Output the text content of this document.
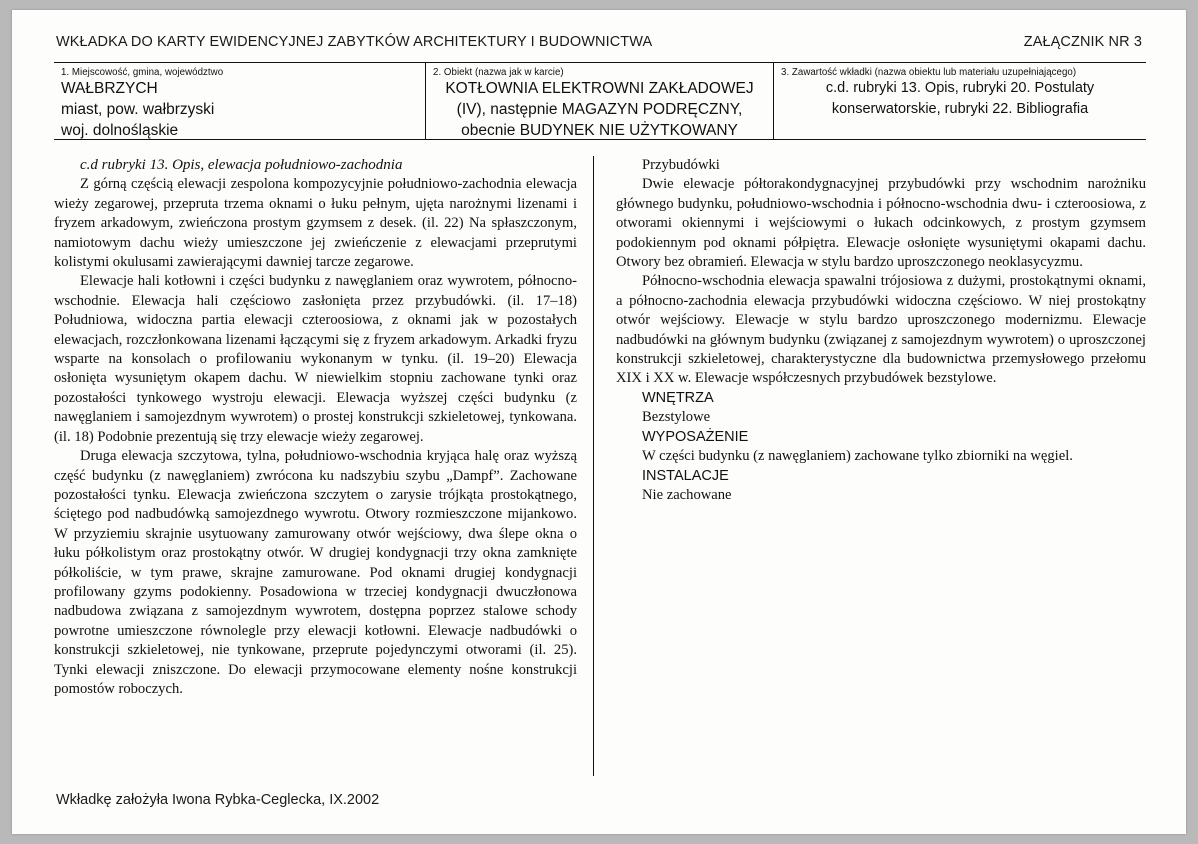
WKŁADKA DO KARTY EWIDENCYJNEJ ZABYTKÓW ARCHITEKTURY I BUDOWNICTWA	ZAŁĄCZNIK NR 3
1. Miejscowość, gmina, województwo
WAŁBRZYCH
miast, pow. wałbrzyski
woj. dolnośląskie
2. Obiekt (nazwa jak w karcie)
KOTŁOWNIA ELEKTROWNI ZAKŁADOWEJ
(IV), następnie MAGAZYN PODRĘCZNY,
obecnie BUDYNEK NIE UŻYTKOWANY
3. Zawartość wkładki (nazwa obiektu lub materiału uzupełniającego)
c.d. rubryki 13. Opis, rubryki 20. Postulaty
konserwatorskie, rubryki 22. Bibliografia

c.d rubryki 13. Opis, elewacja południowo-zachodnia

Z górną częścią elewacji zespolona kompozycyjnie południowo-zachodnia elewacja wieży zegarowej, przepruta trzema oknami o łuku pełnym, ujęta narożnymi lizenami i fryzem arkadowym, zwieńczona prostym gzymsem z desek. (il. 22) Na spłaszczonym, namiotowym dachu wieży umieszczone jej zwieńczenie z elewacjami przeprutymi kolistymi okulusami zawierającymi dawniej tarcze zegarowe.

Elewacje hali kotłowni i części budynku z nawęglaniem oraz wywrotem, północno-wschodnie. Elewacja hali częściowo zasłonięta przez przybudówki. (il. 17–18) Południowa, widoczna partia elewacji czteroosiowa, z oknami jak w pozostałych elewacjach, rozczłonkowana lizenami łączącymi się z fryzem arkadowym. Arkadki fryzu wsparte na konsolach o profilowaniu wykonanym w tynku. (il. 19–20) Elewacja osłonięta wysuniętym okapem dachu. W niewielkim stopniu zachowane tynki oraz pozostałości tynkowego wystroju elewacji. Elewacja wyższej części budynku (z nawęglaniem i samojezdnym wywrotem) o prostej konstrukcji szkieletowej, tynkowana. (il. 18) Podobnie prezentują się trzy elewacje wieży zegarowej.

Druga elewacja szczytowa, tylna, południowo-wschodnia kryjąca halę oraz wyższą część budynku (z nawęglaniem) zwrócona ku nadszybiu szybu „Dampf”. Zachowane pozostałości tynku. Elewacja zwieńczona szczytem o zarysie trójkąta prostokątnego, ściętego pod nadbudówką samojezdnego wywrotu. Otwory rozmieszczone mijankowo. W przyziemiu skrajnie usytuowany zamurowany otwór wejściowy, dwa ślepe okna o łuku półkolistym oraz prostokątny otwór. W drugiej kondygnacji trzy okna zamknięte półkoliście, w tym prawe, skrajne zamurowane. Pod oknami drugiej kondygnacji profilowany gzyms podokienny. Posadowiona w trzeciej kondygnacji dwuczłonowa nadbudowa związana z samojezdnym wywrotem, dostępna poprzez stalowe schody powrotne umieszczone równolegle przy elewacji kotłowni. Elewacje nadbudówki o konstrukcji szkieletowej, nie tynkowane, przeprute pojedynczymi otworami (il. 25). Tynki elewacji zniszczone. Do elewacji przymocowane elementy nośne konstrukcji pomostów roboczych.

Przybudówki

Dwie elewacje półtorakondygnacyjnej przybudówki przy wschodnim narożniku głównego budynku, południowo-wschodnia i północno-wschodnia dwu- i czteroosiowa, z otworami okiennymi i wejściowymi o łukach odcinkowych, z prostym gzymsem podokiennym pod oknami półpiętra. Elewacje osłonięte wysuniętymi okapami dachu. Otwory bez obramień. Elewacja w stylu bardzo uproszczonego neoklasycyzmu.

Północno-wschodnia elewacja spawalni trójosiowa z dużymi, prostokątnymi oknami, a północno-zachodnia elewacja przybudówki widoczna częściowo. W niej prostokątny otwór wejściowy. Elewacje w stylu bardzo uproszczonego modernizmu. Elewacje nadbudówki na głównym budynku (związanej z samojezdnym wywrotem) o uproszczonej konstrukcji szkieletowej, charakterystyczne dla budownictwa przemysłowego przełomu XIX i XX w. Elewacje współczesnych przybudówek bezstylowe.

WNĘTRZA

Bezstylowe

WYPOSAŻENIE

W części budynku (z nawęglaniem) zachowane tylko zbiorniki na węgiel.

INSTALACJE

Nie zachowane

Wkładkę założyła Iwona Rybka-Ceglecka, IX.2002
